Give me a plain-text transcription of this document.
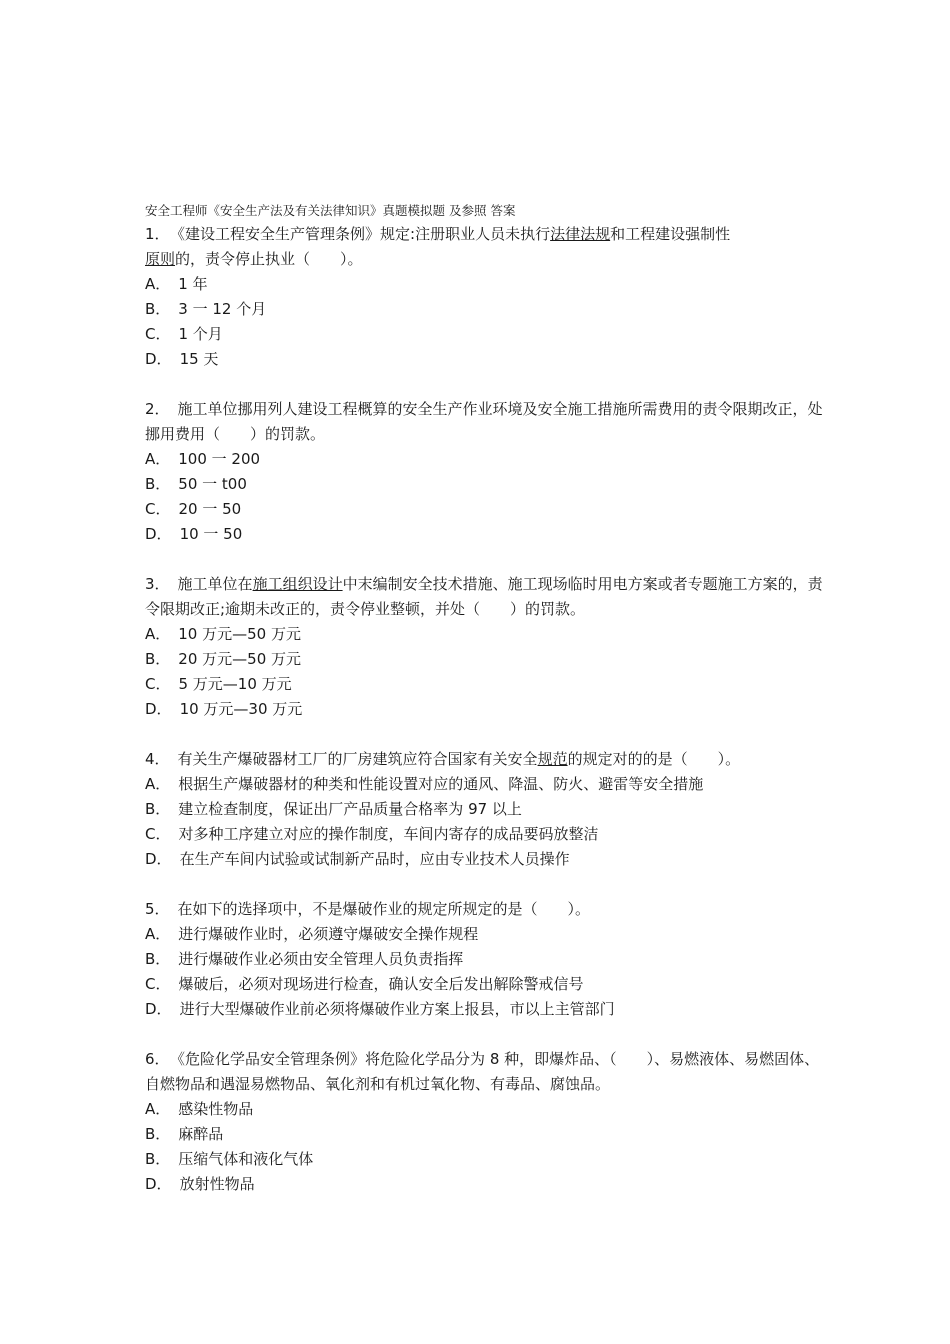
安全工程师《安全生产法及有关法律知识》真题模拟题 及参照 答案

1． 《建设工程安全生产管理条例》规定:注册职业人员未执行法律法规和工程建设强制性
原则的，责令停止执业（　　）。

A． 1 年

B． 3 一 12 个月

C． 1 个月

D． 15 天

2． 施工单位挪用列人建设工程概算的安全生产作业环境及安全施工措施所需费用的责令限期改正，处挪用费用（　　）的罚款。

A． 100 一 200

B． 50 一 t00

C． 20 一 50

D． 10 一 50

3． 施工单位在施工组织设计中末编制安全技术措施、施工现场临时用电方案或者专题施工方案的，责令限期改正;逾期未改正的，责令停业整顿，并处（　　）的罚款。

A． 10 万元—50 万元

B． 20 万元—50 万元

C． 5 万元—10 万元

D． 10 万元—30 万元

4． 有关生产爆破器材工厂的厂房建筑应符合国家有关安全规范的规定对的的是（　　）。

A． 根据生产爆破器材的种类和性能设置对应的通风、降温、防火、避雷等安全措施

B． 建立检查制度，保证出厂产品质量合格率为 97 以上

C． 对多种工序建立对应的操作制度，车间内寄存的成品要码放整洁

D． 在生产车间内试验或试制新产品时，应由专业技术人员操作

5． 在如下的选择项中，不是爆破作业的规定所规定的是（　　）。

A． 进行爆破作业时，必须遵守爆破安全操作规程

B． 进行爆破作业必须由安全管理人员负责指挥

C． 爆破后，必须对现场进行检查，确认安全后发出解除警戒信号

D． 进行大型爆破作业前必须将爆破作业方案上报县，市以上主管部门

6． 《危险化学品安全管理条例》将危险化学品分为 8 种，即爆炸品、（　　）、易燃液体、易燃固体、自燃物品和遇湿易燃物品、氧化剂和有机过氧化物、有毒品、腐蚀品。

A． 感染性物品

B． 麻醉品

B． 压缩气体和液化气体

D． 放射性物品
